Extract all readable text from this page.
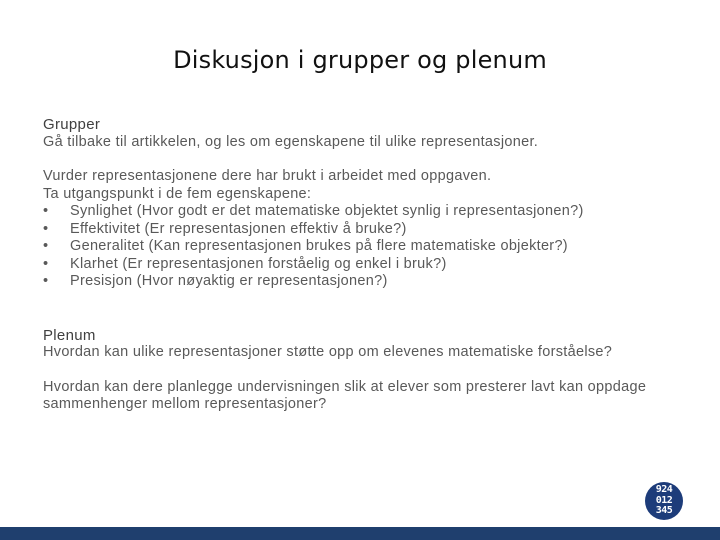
Diskusjon i grupper og plenum

Grupper

Gå tilbake til artikkelen, og les om egenskapene til ulike representasjoner.

Vurder representasjonene dere har brukt i arbeidet med oppgaven.

Ta utgangspunkt i de fem egenskapene:

• Synlighet (Hvor godt er det matematiske objektet synlig i representasjonen?)
• Effektivitet (Er representasjonen effektiv å bruke?)
• Generalitet (Kan representasjonen brukes på flere matematiske objekter?)
• Klarhet (Er representasjonen forståelig og enkel i bruk?)
• Presisjon (Hvor nøyaktig er representasjonen?)

Plenum

Hvordan kan ulike representasjoner støtte opp om elevenes matematiske forståelse?

Hvordan kan dere planlegge undervisningen slik at elever som presterer lavt kan oppdage sammenhenger mellom representasjoner?

924
012
345
